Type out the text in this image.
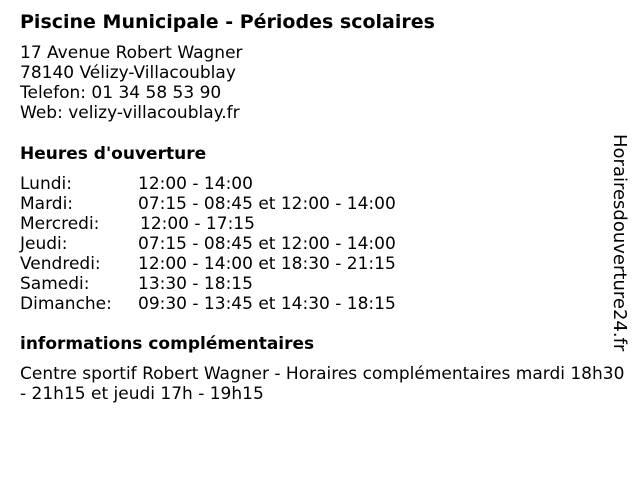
Piscine Municipale - Périodes scolaires
17 Avenue Robert Wagner
78140 Vélizy-Villacoublay
Telefon: 01 34 58 53 90
Web: velizy-villacoublay.fr
Heures d'ouverture
Lundi:	12:00 - 14:00
Mardi:	07:15 - 08:45 et 12:00 - 14:00
Mercredi: 12:00 - 17:15
Jeudi:	07:15 - 08:45 et 12:00 - 14:00
Vendredi: 12:00 - 14:00 et 18:30 - 21:15
Samedi:	13:30 - 18:15
Dimanche: 09:30 - 13:45 et 14:30 - 18:15
informations complémentaires
Centre sportif Robert Wagner - Horaires complémentaires mardi 18h30 - 21h15 et jeudi 17h - 19h15
Horairesdouverture24.fr
